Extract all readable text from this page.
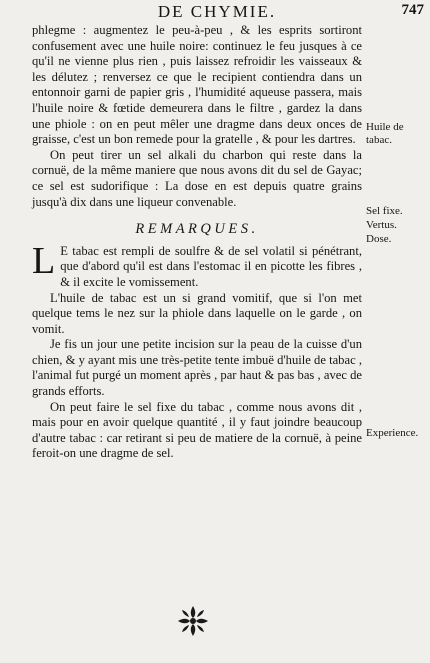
DE CHYMIE.	747

phlegme : augmentez le peu-à-peu , & les esprits sortiront confusement avec une huile noire: continuez le feu jusques à ce qu'il ne vienne plus rien , puis laissez refroidir les vaisseaux & les délutez ; renversez ce que le recipient contiendra dans un entonnoir garni de papier gris , l'humidité aqueuse passera, mais l'huile noire & fœtide demeurera dans le filtre , gardez la dans une phiole : on en peut mêler une dragme dans deux onces de graisse, c'est un bon remede pour la gratelle , & pour les dartres.

On peut tirer un sel alkali du charbon qui reste dans la cornuë, de la même maniere que nous avons dit du sel de Gayac; ce sel est sudorifique : La dose en est depuis quatre grains jusqu'à dix dans une liqueur convenable.

REMARQUES.

L E tabac est rempli de soulfre & de sel volatil si pénétrant, que d'abord qu'il est dans l'estomac il en picotte les fibres , & il excite le vomissement.

L'huile de tabac est un si grand vomitif, que si l'on met quelque tems le nez sur la phiole dans laquelle on le garde , on vomit.

Je fis un jour une petite incision sur la peau de la cuisse d'un chien, & y ayant mis une très-petite tente imbuë d'huile de tabac , l'animal fut purgé un moment après , par haut & pas bas , avec de grands efforts.

On peut faire le sel fixe du tabac , comme nous avons dit , mais pour en avoir quelque quantité , il y faut joindre beaucoup d'autre tabac : car retirant si peu de matiere de la cornuë, à peine feroit-on une dragme de sel.

Huile de tabac.
Sel fixe.
Vertus.
Dose.
Experience.
